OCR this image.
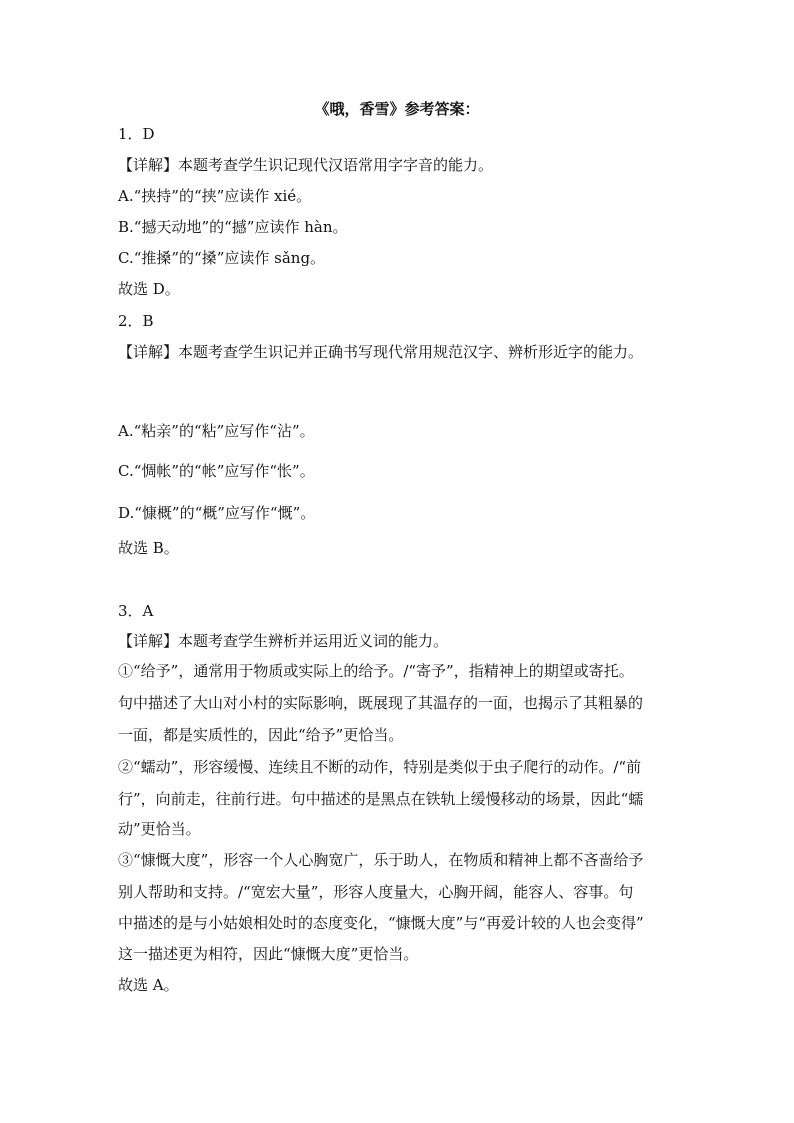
《哦，香雪》参考答案：
1．D
【详解】本题考查学生识记现代汉语常用字字音的能力。
A.“挟持”的“挟”应读作 xié。
B.“撼天动地”的“撼”应读作 hàn。
C.“推搡”的“搡”应读作 sǎng。
故选 D。
2．B
【详解】本题考查学生识记并正确书写现代常用规范汉字、辨析形近字的能力。
A.“粘亲”的“粘”应写作“沾”。
C.“惆帐”的“帐”应写作“怅”。
D.“慷概”的“概”应写作“慨”。
故选 B。
3．A
【详解】本题考查学生辨析并运用近义词的能力。
①“给予”，通常用于物质或实际上的给予。/“寄予”，指精神上的期望或寄托。
句中描述了大山对小村的实际影响，既展现了其温存的一面，也揭示了其粗暴的
一面，都是实质性的，因此“给予”更恰当。
②“蠕动”，形容缓慢、连续且不断的动作，特别是类似于虫子爬行的动作。/“前
行”，向前走，往前行进。句中描述的是黑点在铁轨上缓慢移动的场景，因此“蠕
动”更恰当。
③“慷慨大度”，形容一个人心胸宽广，乐于助人，在物质和精神上都不吝啬给予
别人帮助和支持。/“宽宏大量”，形容人度量大，心胸开阔，能容人、容事。句
中描述的是与小姑娘相处时的态度变化，“慷慨大度”与“再爱计较的人也会变得”
这一描述更为相符，因此“慷慨大度”更恰当。
故选 A。
